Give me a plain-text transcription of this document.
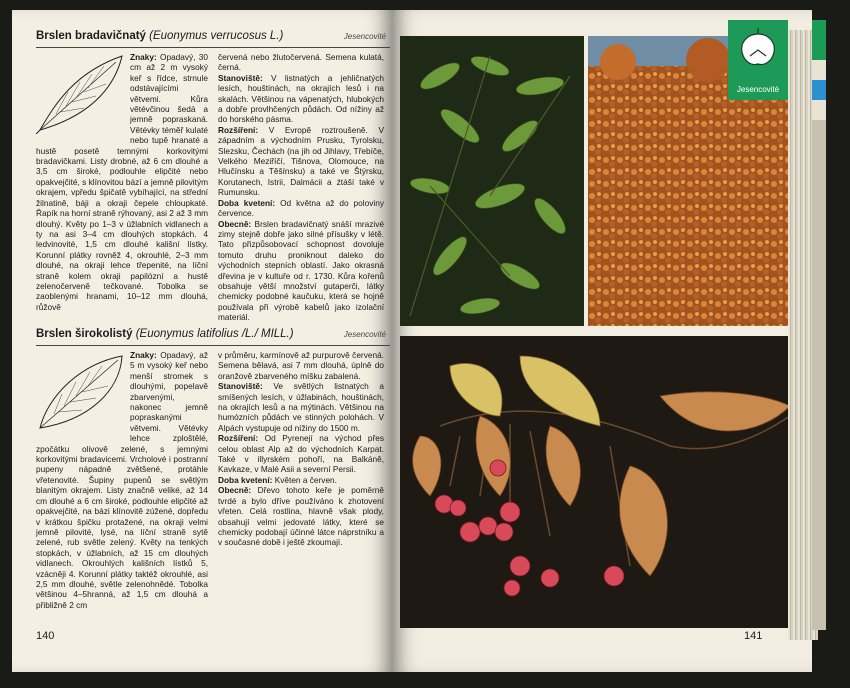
Brslen bradavičnatý (Euonymus verrucosus L.)	Jesencovité

Znaky: Opadavý, 30 cm až 2 m vysoký keř s řídce, strnule odstávajícími větvemi. Kůra větévčinou šedá a jemně popraskaná. Větévky téměř kulaté nebo tupě hranaté a hustě posetě temnými korkovitými bradavičkami. Listy drobné, až 6 cm dlouhé a 3,5 cm široké, podlouhle elipčité nebo opakvejčité, s klínovitou bází a jemně pilovitým okrajem, vpředu špičatě vybíhající, na střední žilnatině, báji a okraji čepele chloupkaté. Řapík na horní straně rýhovaný, asi 2 až 3 mm dlouhý. Květy po 1–3 v úžlabních vidlanech a ty na asi 3–4 cm dlouhých stopkách. 4 ledvinovité, 1,5 cm dlouhé kališní lístky. Korunní plátky rovněž 4, okrouhlé, 2–3 mm dlouhé, na okraji lehce třepenité, na líční straně kolem okraji papilózní a hustě zelenočerveně tečkované. Tobolka se zaoblenými hranami, 10–12 mm dlouhá, růžově

červená nebo žlutočervená. Semena kulatá, černá.

Stanoviště: V listnatých a jehličnatých lesích, houštinách, na okrajích lesů i na skalách. Většinou na vápenatých, hlubokých a dobře provlhčených půdách. Od nížiny až do horského pásma.

Rozšíření: V Evropě roztroušeně. V západním a východním Prusku, Tyrolsku, Slezsku, Čechách (na jih od Jihlavy, Třebíče, Velkého Meziříčí, Tišnova, Olomouce, na Hlučínsku a Těšínsku) a také ve Štýrsku, Korutanech, Istrii, Dalmácii a źtáší také v Rumunsku.

Doba kvetení: Od května až do poloviny července.

Obecně: Brslen bradavičnatý snáší mrazivé zimy stejně dobře jako silné přísušky v létě. Tato přizpůsobovací schopnost dovoluje tomuto druhu proniknout daleko do východních stepních oblastí. Jako okrasná dřevina je v kultuře od r. 1730. Kůra kořenů obsahuje větší množství gutaperči, látky chemicky podobné kaučuku, která se hojně používala při výrobě kabelů jako izolační materiál.

Brslen širokolistý (Euonymus latifolius /L./ MILL.)	Jesencovité

Znaky: Opadavý, až 5 m vysoký keř nebo menší stromek s dlouhými, popelavě zbarvenými, nakonec jemně popraskanými větvemi. Větévky lehce zploštělé, zpočátku olivově zelené, s jemnými korkovitými bradavicemi. Vrcholové i postranní pupeny nápadně zvětšené, protáhle vřetenovité. Šupiny pupenů se světlým blanitým okrajem. Listy značně veliké, až 14 cm dlouhé a 6 cm široké, podlouhle elipčité až opakvejčité, na bázi klínovitě zúžené, dopředu v krátkou špičku protažené, na okraji velmi jemně pilovité, lysé, na líční straně sytě zelené, rub světle zelený. Květy na tenkých stopkách, v úžlabních, až 15 cm dlouhých vidlanech. Okrouhlých kališních lístků 5, vzácněji 4. Korunní plátky taktéž okrouhlé, asi 2,5 mm dlouhé, světle zelenohnědé. Tobolka většinou 4–5hranná, až 1,5 cm dlouhá a přibližně 2 cm

v průměru, karmínově až purpurově červená. Semena bělavá, asi 7 mm dlouhá, úplně do oranžově zbarveného míšku zabalená.

Stanoviště: Ve světlých listnatých a smíšených lesích, v úžlabinách, houštinách, na okrajích lesů a na mýtinách. Většinou na humózních půdách ve stinných polohách. V Alpách vystupuje od nížiny do 1500 m.

Rozšíření: Od Pyrenejí na východ přes celou oblast Alp až do východních Karpat. Také v illyrském pohoří, na Balkáně, Kavkaze, v Malé Asii a severní Persii.

Doba kvetení: Květen a červen.

Obecně: Dřevo tohoto keře je poměrně tvrdé a bylo dříve používáno k zhotovení vřeten. Celá rostlina, hlavně však plody, obsahují velmi jedovaté látky, které se chemicky podobají účinné látce náprstníku a v současné době i ještě zkoumají.

140
Jesencovité
141
